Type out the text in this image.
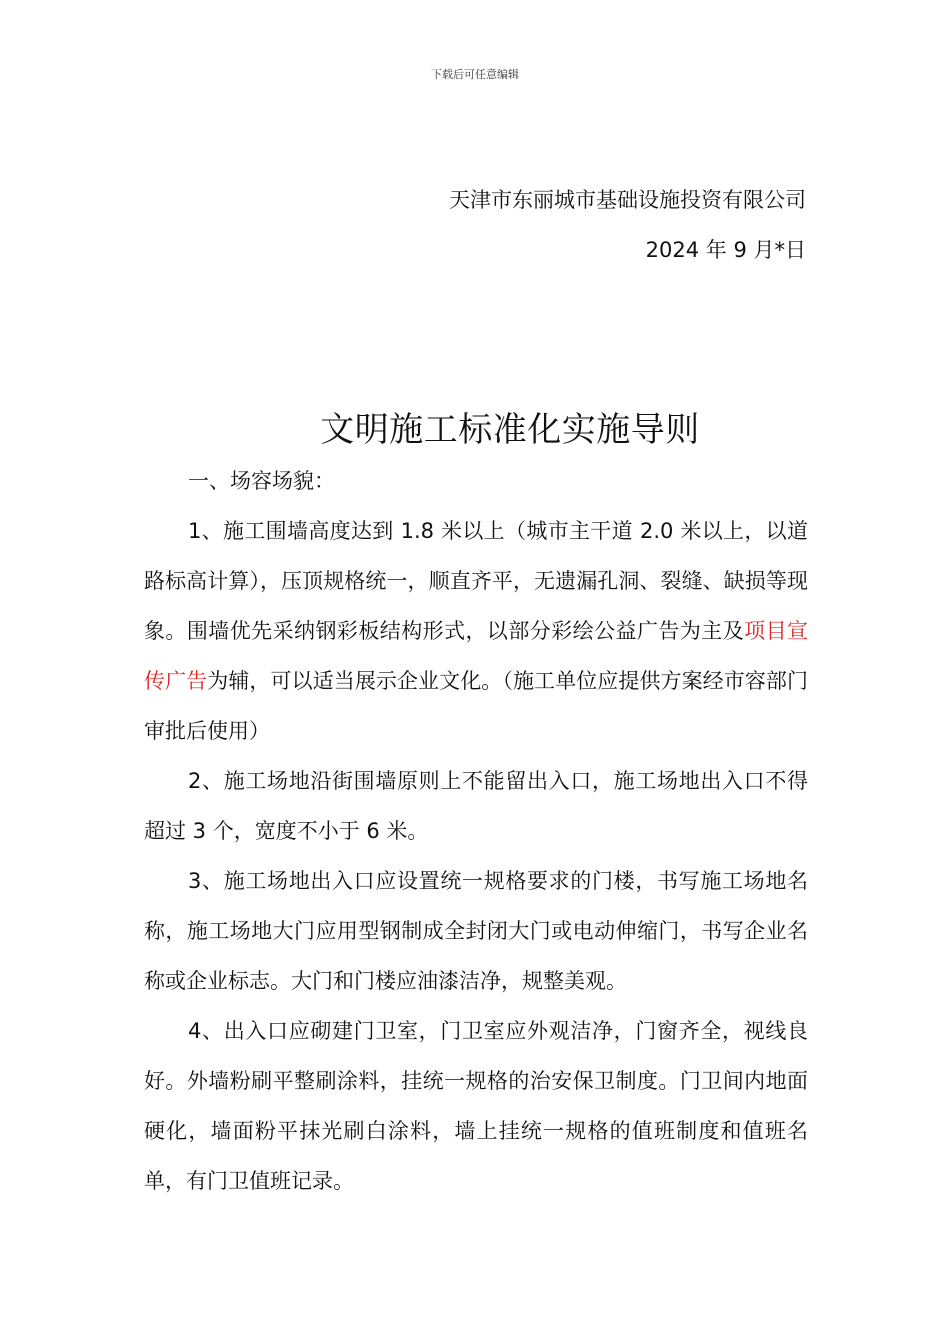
下载后可任意编辑
天津市东丽城市基础设施投资有限公司
2024 年 9 月*日
文明施工标准化实施导则

一、场容场貌：

1、施工围墙高度达到 1.8 米以上（城市主干道 2.0 米以上，以道路标高计算），压顶规格统一，顺直齐平，无遗漏孔洞、裂缝、缺损等现象。围墙优先采纳钢彩板结构形式，以部分彩绘公益广告为主及项目宣传广告为辅，可以适当展示企业文化。（施工单位应提供方案经市容部门审批后使用）

2、施工场地沿街围墙原则上不能留出入口，施工场地出入口不得超过 3 个，宽度不小于 6 米。

3、施工场地出入口应设置统一规格要求的门楼，书写施工场地名称，施工场地大门应用型钢制成全封闭大门或电动伸缩门，书写企业名称或企业标志。大门和门楼应油漆洁净，规整美观。

4、出入口应砌建门卫室，门卫室应外观洁净，门窗齐全，视线良好。外墙粉刷平整刷涂料，挂统一规格的治安保卫制度。门卫间内地面硬化，墙面粉平抹光刷白涂料，墙上挂统一规格的值班制度和值班名单，有门卫值班记录。
